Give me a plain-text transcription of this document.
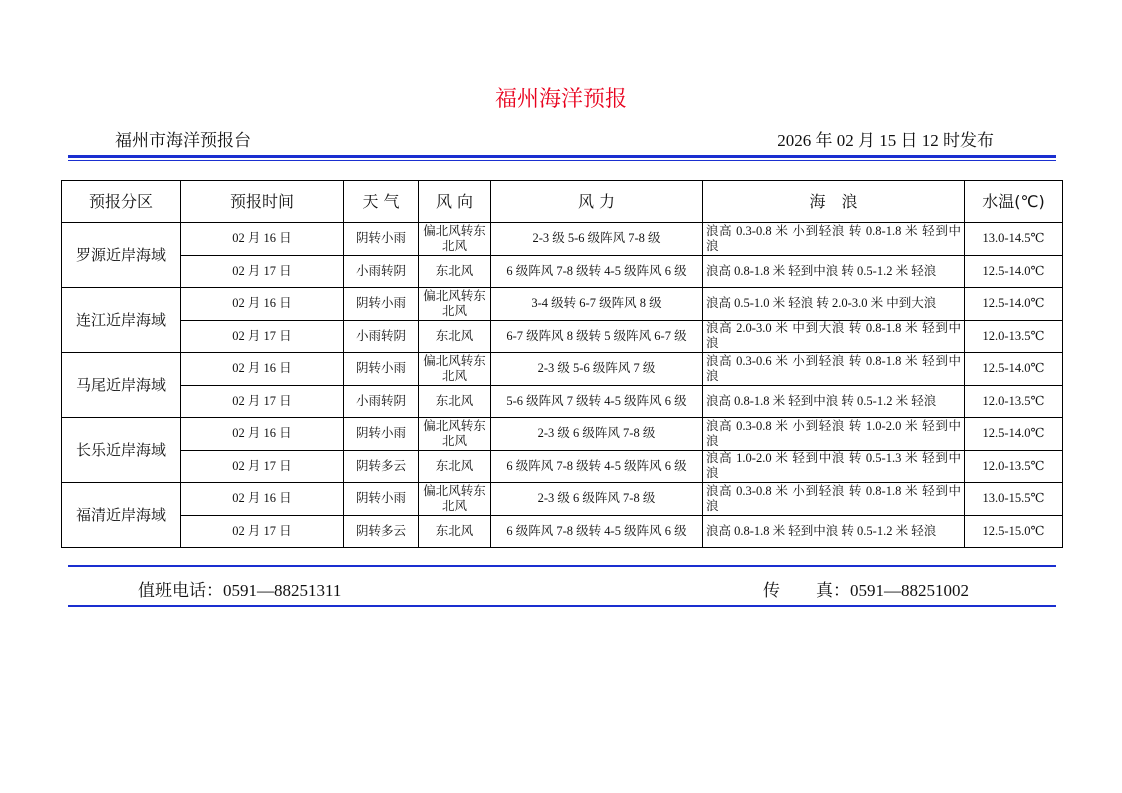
福州海洋预报
福州市海洋预报台	2026 年 02 月 15 日 12 时发布
预报分区	预报时间	天 气	风 向	风 力	海　浪	水温(℃)
罗源近岸海域	02 月 16 日	阴转小雨	偏北风转东北风	2-3 级 5-6 级阵风 7-8 级	浪高 0.3-0.8 米 小到轻浪 转 0.8-1.8 米 轻到中浪	13.0-14.5℃
	02 月 17 日	小雨转阴	东北风	6 级阵风 7-8 级转 4-5 级阵风 6 级	浪高 0.8-1.8 米 轻到中浪 转 0.5-1.2 米 轻浪	12.5-14.0℃
连江近岸海域	02 月 16 日	阴转小雨	偏北风转东北风	3-4 级转 6-7 级阵风 8 级	浪高 0.5-1.0 米 轻浪 转 2.0-3.0 米 中到大浪	12.5-14.0℃
	02 月 17 日	小雨转阴	东北风	6-7 级阵风 8 级转 5 级阵风 6-7 级	浪高 2.0-3.0 米 中到大浪 转 0.8-1.8 米 轻到中浪	12.0-13.5℃
马尾近岸海域	02 月 16 日	阴转小雨	偏北风转东北风	2-3 级 5-6 级阵风 7 级	浪高 0.3-0.6 米 小到轻浪 转 0.8-1.8 米 轻到中浪	12.5-14.0℃
	02 月 17 日	小雨转阴	东北风	5-6 级阵风 7 级转 4-5 级阵风 6 级	浪高 0.8-1.8 米 轻到中浪 转 0.5-1.2 米 轻浪	12.0-13.5℃
长乐近岸海域	02 月 16 日	阴转小雨	偏北风转东北风	2-3 级 6 级阵风 7-8 级	浪高 0.3-0.8 米 小到轻浪 转 1.0-2.0 米 轻到中浪	12.5-14.0℃
	02 月 17 日	阴转多云	东北风	6 级阵风 7-8 级转 4-5 级阵风 6 级	浪高 1.0-2.0 米 轻到中浪 转 0.5-1.3 米 轻到中浪	12.0-13.5℃
福清近岸海域	02 月 16 日	阴转小雨	偏北风转东北风	2-3 级 6 级阵风 7-8 级	浪高 0.3-0.8 米 小到轻浪 转 0.8-1.8 米 轻到中浪	13.0-15.5℃
	02 月 17 日	阴转多云	东北风	6 级阵风 7-8 级转 4-5 级阵风 6 级	浪高 0.8-1.8 米 轻到中浪 转 0.5-1.2 米 轻浪	12.5-15.0℃
值班电话：0591—88251311	传 真：0591—88251002
